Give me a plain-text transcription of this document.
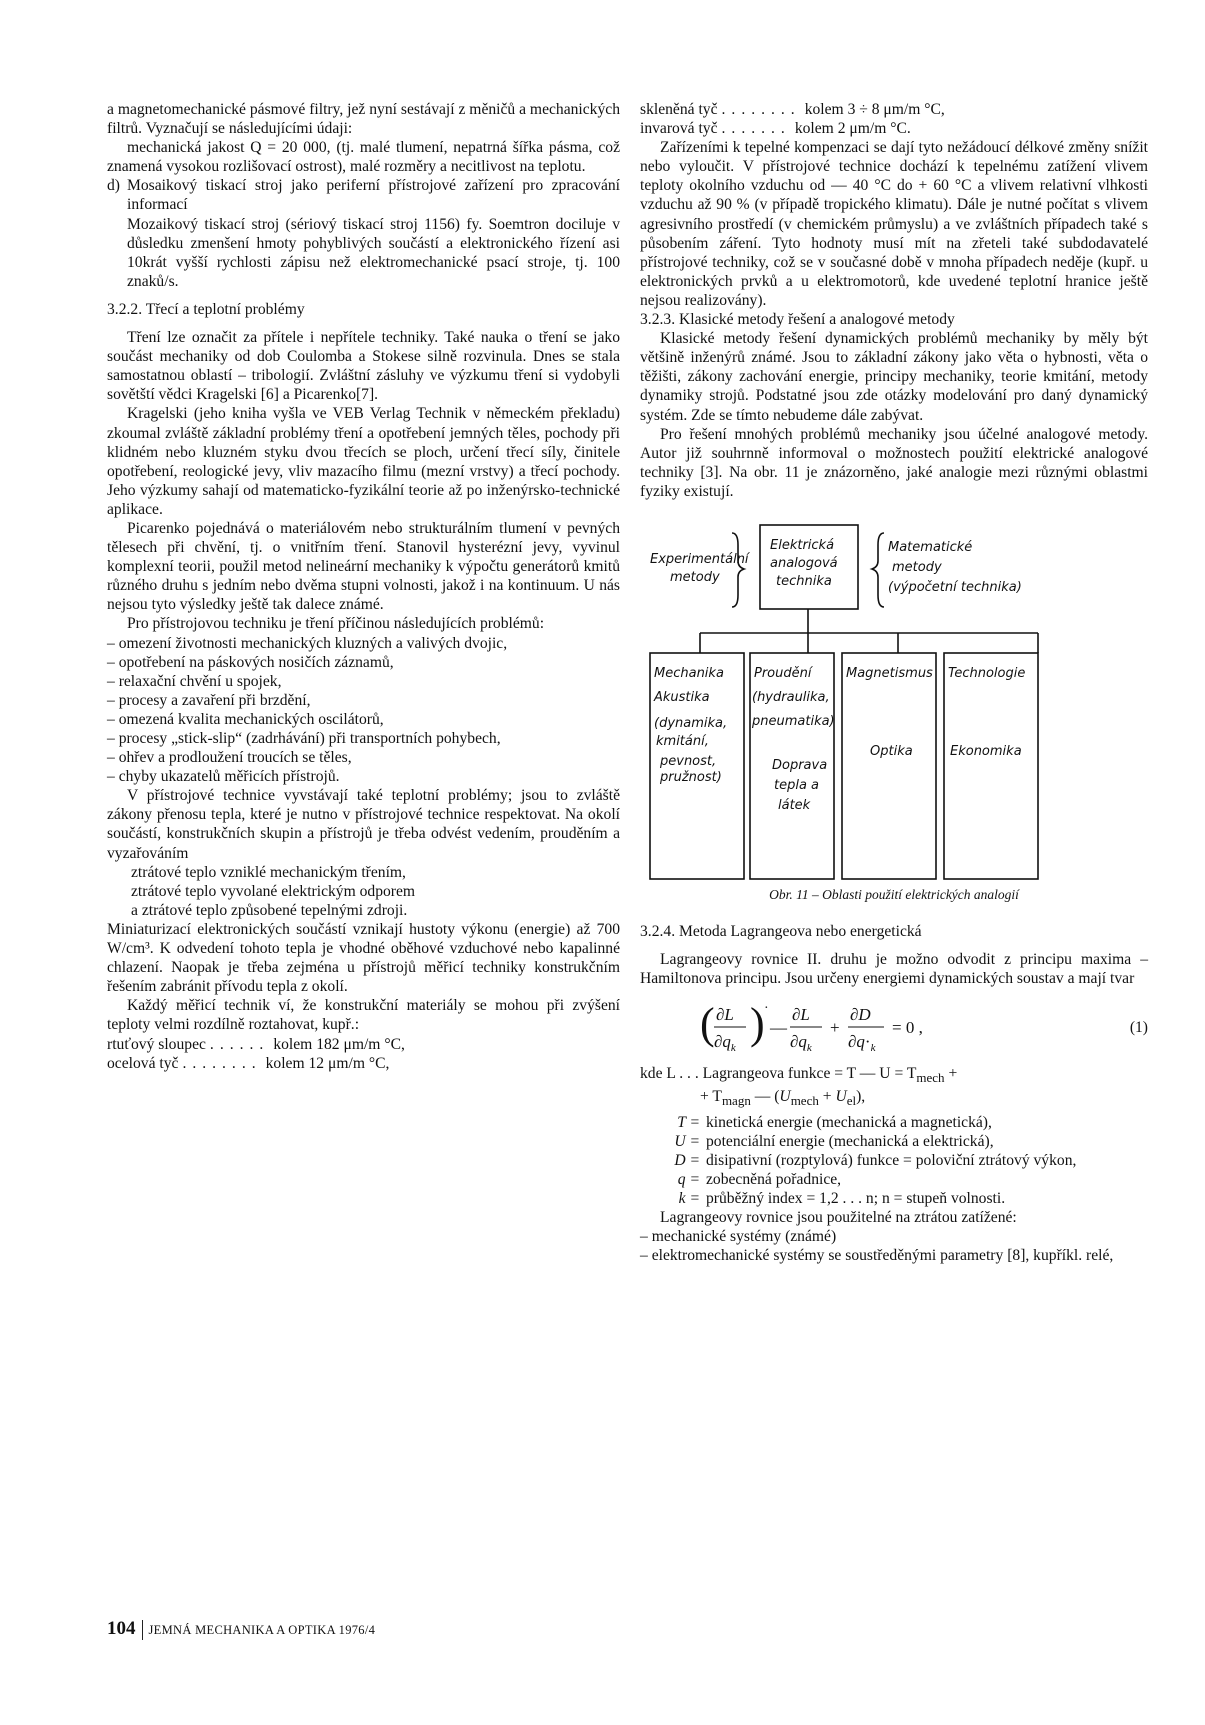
a magnetomechanické pásmové filtry, jež nyní sestávají z měničů a mechanických filtrů. Vyznačují se následujícími údaji:

mechanická jakost Q = 20 000, (tj. malé tlumení, nepatrná šířka pásma, což znamená vysokou rozlišovací ostrost), malé rozměry a necitlivost na teplotu.

d) Mosaikový tiskací stroj jako periferní přístrojové zařízení pro zpracování informací

Mozaikový tiskací stroj (sériový tiskací stroj 1156) fy. Soemtron dociluje v důsledku zmenšení hmoty pohyblivých součástí a elektronického řízení asi 10krát vyšší rychlosti zápisu než elektromechanické psací stroje, tj. 100 znaků/s.

3.2.2. Třecí a teplotní problémy

Tření lze označit za přítele i nepřítele techniky. Také nauka o tření se jako součást mechaniky od dob Coulomba a Stokese silně rozvinula. Dnes se stala samostatnou oblastí – tribologií. Zvláštní zásluhy ve výzkumu tření si vydobyli sovětští vědci Kragelski [6] a Picarenko[7].

Kragelski (jeho kniha vyšla ve VEB Verlag Technik v německém překladu) zkoumal zvláště základní problémy tření a opotřebení jemných těles, pochody při klidném nebo kluzném styku dvou třecích se ploch, určení třecí síly, činitele opotřebení, reologické jevy, vliv mazacího filmu (mezní vrstvy) a třecí pochody. Jeho výzkumy sahají od matematicko-fyzikální teorie až po inženýrsko-technické aplikace.

Picarenko pojednává o materiálovém nebo strukturálním tlumení v pevných tělesech při chvění, tj. o vnitřním tření. Stanovil hysterézní jevy, vyvinul komplexní teorii, použil metod nelineární mechaniky k výpočtu generátorů kmitů různého druhu s jedním nebo dvěma stupni volnosti, jakož i na kontinuum. U nás nejsou tyto výsledky ještě tak dalece známé.

Pro přístrojovou techniku je tření příčinou následujících problémů:

– omezení životnosti mechanických kluzných a valivých dvojic,
– opotřebení na páskových nosičích záznamů,
– relaxační chvění u spojek,
– procesy a zavaření při brzdění,
– omezená kvalita mechanických oscilátorů,
– procesy „stick-slip“ (zadrhávání) při transportních pohybech,
– ohřev a prodloužení troucích se těles,
– chyby ukazatelů měřicích přístrojů.

V přístrojové technice vyvstávají také teplotní problémy; jsou to zvláště zákony přenosu tepla, které je nutno v přístrojové technice respektovat. Na okolí součástí, konstrukčních skupin a přístrojů je třeba odvést vedením, prouděním a vyzařováním

ztrátové teplo vzniklé mechanickým třením,
ztrátové teplo vyvolané elektrickým odporem
a ztrátové teplo způsobené tepelnými zdroji.

Miniaturizací elektronických součástí vznikají hustoty výkonu (energie) až 700 W/cm³. K odvedení tohoto tepla je vhodné oběhové vzduchové nebo kapalinné chlazení. Naopak je třeba zejména u přístrojů měřicí techniky konstrukčním řešením zabránit přívodu tepla z okolí.

Každý měřicí technik ví, že konstrukční materiály se mohou při zvýšení teploty velmi rozdílně roztahovat, kupř.:

rtuťový sloupec ...... kolem 182 μm/m °C,
ocelová tyč ........ kolem 12 μm/m °C,
skleněná tyč ........ kolem 3 ÷ 8 μm/m °C,
invarová tyč ....... kolem 2 μm/m °C.

Zařízeními k tepelné kompenzaci se dají tyto nežádoucí délkové změny snížit nebo vyloučit. V přístrojové technice dochází k tepelnému zatížení vlivem teploty okolního vzduchu od — 40 °C do + 60 °C a vlivem relativní vlhkosti vzduchu až 90 % (v případě tropického klimatu). Dále je nutné počítat s vlivem agresivního prostředí (v chemickém průmyslu) a ve zvláštních případech také s působením záření. Tyto hodnoty musí mít na zřeteli také subdodavatelé přístrojové techniky, což se v současné době v mnoha případech neděje (kupř. u elektronických prvků a u elektromotorů, kde uvedené teplotní hranice ještě nejsou realizovány).

3.2.3. Klasické metody řešení a analogové metody

Klasické metody řešení dynamických problémů mechaniky by měly být většině inženýrů známé. Jsou to základní zákony jako věta o hybnosti, věta o těžišti, zákony zachování energie, principy mechaniky, teorie kmitání, metody dynamiky strojů. Podstatné jsou zde otázky modelování pro daný dynamický systém. Zde se tímto nebudeme dále zabývat.

Pro řešení mnohých problémů mechaniky jsou účelné analogové metody. Autor již souhrnně informoval o možnostech použití elektrické analogové techniky [3]. Na obr. 11 je znázorněno, jaké analogie mezi různými oblastmi fyziky existují.

Experimentální
metody
Elektrická
analogová
technika
Matematické
metody
(výpočetní technika)
Mechanika
Akustika
(dynamika,
kmitání,
pevnost,
pružnost)
Proudění
(hydraulika,
pneumatika)
Doprava
tepla a
látek
Magnetismus
Optika
Technologie
Ekonomika

Obr. 11 – Oblasti použití elektrických analogií

3.2.4. Metoda Lagrangeova nebo energetická

Lagrangeovy rovnice II. druhu je možno odvodit z principu maxima – Hamiltonova principu. Jsou určeny energiemi dynamických soustav a mají tvar

( ∂L
$\partial q_k$ ) ·
—
∂L
$\partial q_k$
+
∂D
$\partial q\cdot_k$
= 0 ,	(1)

kde L . . . Lagrangeova funkce = T — $U = T_{mech}$ +

+ $T_{magn}$ — $(U_{mech} + U_{el})$,

T = kinetická energie (mechanická a magnetická),
U = potenciální energie (mechanická a elektrická),
D = disipativní (rozptylová) funkce = poloviční ztrátový výkon,
q = zobecněná pořadnice,
k = průběžný index = 1,2 . . . n; n = stupeň volnosti.

Lagrangeovy rovnice jsou použitelné na ztrátou zatížené:

– mechanické systémy (známé)
– elektromechanické systémy se soustředěnými parametry [8], kupříkl. relé,
104 JEMNÁ MECHANIKA A OPTIKA 1976/4
